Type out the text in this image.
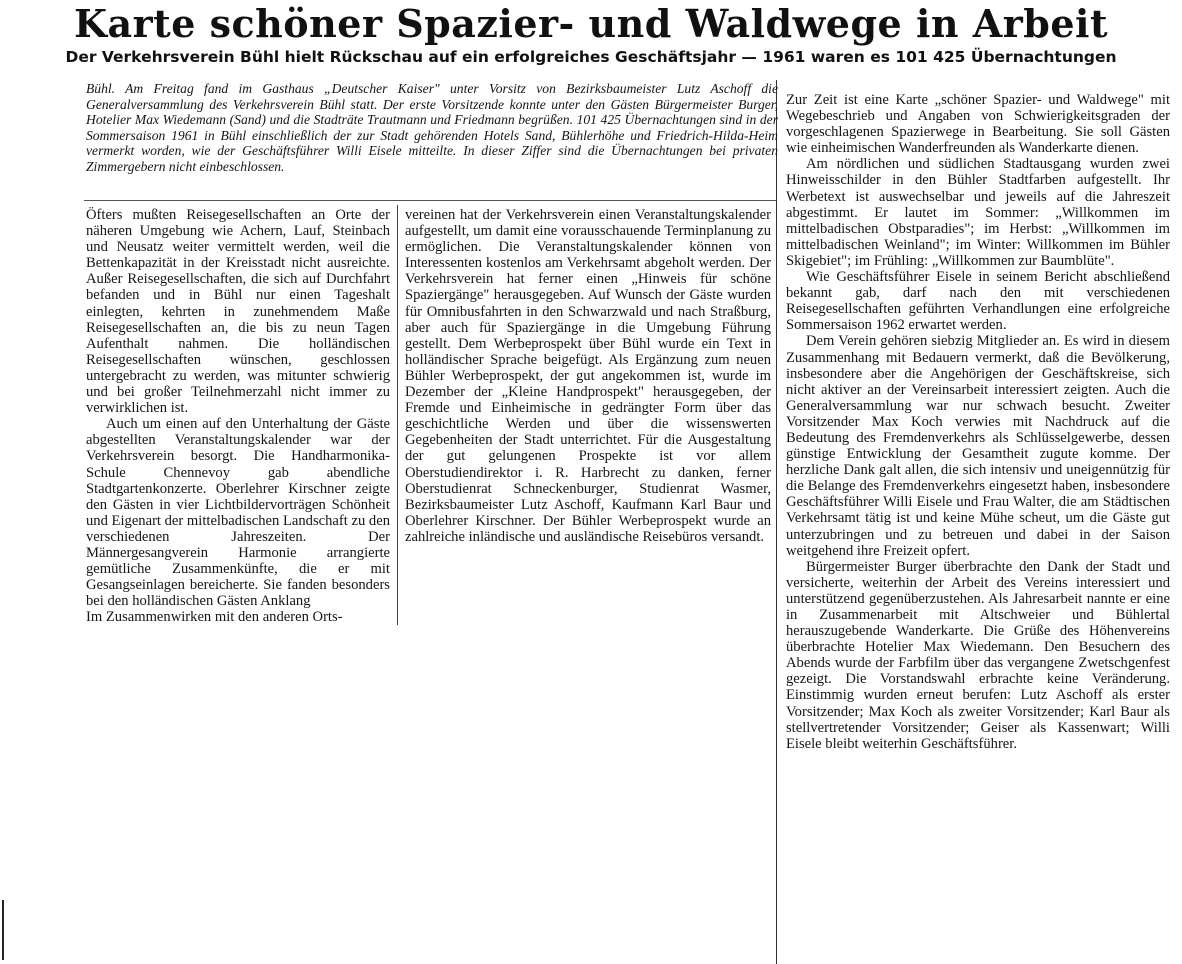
Karte schöner Spazier- und Waldwege in Arbeit
Der Verkehrsverein Bühl hielt Rückschau auf ein erfolgreiches Geschäftsjahr — 1961 waren es 101 425 Übernachtungen

Bühl. Am Freitag fand im Gasthaus „Deutscher Kaiser" unter Vorsitz von Bezirksbaumeister Lutz Aschoff die Generalversammlung des Verkehrsverein Bühl statt. Der erste Vorsitzende konnte unter den Gästen Bürgermeister Burger, Hotelier Max Wiedemann (Sand) und die Stadträte Trautmann und Friedmann begrüßen. 101 425 Übernachtungen sind in der Sommersaison 1961 in Bühl einschließlich der zur Stadt gehörenden Hotels Sand, Bühlerhöhe und Friedrich-Hilda-Heim vermerkt worden, wie der Geschäftsführer Willi Eisele mitteilte. In dieser Ziffer sind die Übernachtungen bei privaten Zimmergebern nicht einbeschlossen.

Öfters mußten Reisegesellschaften an Orte der näheren Umgebung wie Achern, Lauf, Steinbach und Neusatz weiter vermittelt werden, weil die Bettenkapazität in der Kreisstadt nicht ausreichte. Außer Reisegesellschaften, die sich auf Durchfahrt befanden und in Bühl nur einen Tageshalt einlegten, kehrten in zunehmendem Maße Reisegesellschaften an, die bis zu neun Tagen Aufenthalt nahmen. Die holländischen Reisegesellschaften wünschen, geschlossen untergebracht zu werden, was mitunter schwierig und bei großer Teilnehmerzahl nicht immer zu verwirklichen ist.

Auch um einen auf den Unterhaltung der Gäste abgestellten Veranstaltungskalender war der Verkehrsverein besorgt. Die Handharmonika-Schule Chennevoy gab abendliche Stadtgartenkonzerte. Oberlehrer Kirschner zeigte den Gästen in vier Lichtbildervorträgen Schönheit und Eigenart der mittelbadischen Landschaft zu den verschiedenen Jahreszeiten. Der Männergesangverein Harmonie arrangierte gemütliche Zusammenkünfte, die er mit Gesangseinlagen bereicherte. Sie fanden besonders bei den holländischen Gästen Anklang

Im Zusammenwirken mit den anderen Orts-

vereinen hat der Verkehrsverein einen Veranstaltungskalender aufgestellt, um damit eine vorausschauende Terminplanung zu ermöglichen. Die Veranstaltungskalender können von Interessenten kostenlos am Verkehrsamt abgeholt werden. Der Verkehrsverein hat ferner einen „Hinweis für schöne Spaziergänge" herausgegeben. Auf Wunsch der Gäste wurden für Omnibusfahrten in den Schwarzwald und nach Straßburg, aber auch für Spaziergänge in die Umgebung Führung gestellt. Dem Werbeprospekt über Bühl wurde ein Text in holländischer Sprache beigefügt. Als Ergänzung zum neuen Bühler Werbeprospekt, der gut angekommen ist, wurde im Dezember der „Kleine Handprospekt" herausgegeben, der Fremde und Einheimische in gedrängter Form über das geschichtliche Werden und über die wissenswerten Gegebenheiten der Stadt unterrichtet. Für die Ausgestaltung der gut gelungenen Prospekte ist vor allem Oberstudiendirektor i. R. Harbrecht zu danken, ferner Oberstudienrat Schneckenburger, Studienrat Wasmer, Bezirksbaumeister Lutz Aschoff, Kaufmann Karl Baur und Oberlehrer Kirschner. Der Bühler Werbeprospekt wurde an zahlreiche inländische und ausländische Reisebüros versandt.

Zur Zeit ist eine Karte „schöner Spazier- und Waldwege" mit Wegebeschrieb und Angaben von Schwierigkeitsgraden der vorgeschlagenen Spazierwege in Bearbeitung. Sie soll Gästen wie einheimischen Wanderfreunden als Wanderkarte dienen.

Am nördlichen und südlichen Stadtausgang wurden zwei Hinweisschilder in den Bühler Stadtfarben aufgestellt. Ihr Werbetext ist auswechselbar und jeweils auf die Jahreszeit abgestimmt. Er lautet im Sommer: „Willkommen im mittelbadischen Obstparadies"; im Herbst: „Willkommen im mittelbadischen Weinland"; im Winter: Willkommen im Bühler Skigebiet"; im Frühling: „Willkommen zur Baumblüte".

Wie Geschäftsführer Eisele in seinem Bericht abschließend bekannt gab, darf nach den mit verschiedenen Reisegesellschaften geführten Verhandlungen eine erfolgreiche Sommersaison 1962 erwartet werden.

Dem Verein gehören siebzig Mitglieder an. Es wird in diesem Zusammenhang mit Bedauern vermerkt, daß die Bevölkerung, insbesondere aber die Angehörigen der Geschäftskreise, sich nicht aktiver an der Vereinsarbeit interessiert zeigten. Auch die Generalversammlung war nur schwach besucht. Zweiter Vorsitzender Max Koch verwies mit Nachdruck auf die Bedeutung des Fremdenverkehrs als Schlüsselgewerbe, dessen günstige Entwicklung der Gesamtheit zugute komme. Der herzliche Dank galt allen, die sich intensiv und uneigennützig für die Belange des Fremdenverkehrs eingesetzt haben, insbesondere Geschäftsführer Willi Eisele und Frau Walter, die am Städtischen Verkehrsamt tätig ist und keine Mühe scheut, um die Gäste gut unterzubringen und zu betreuen und dabei in der Saison weitgehend ihre Freizeit opfert.

Bürgermeister Burger überbrachte den Dank der Stadt und versicherte, weiterhin der Arbeit des Vereins interessiert und unterstützend gegenüberzustehen. Als Jahresarbeit nannte er eine in Zusammenarbeit mit Altschweier und Bühlertal herauszugebende Wanderkarte. Die Grüße des Höhenvereins überbrachte Hotelier Max Wiedemann. Den Besuchern des Abends wurde der Farbfilm über das vergangene Zwetschgenfest gezeigt. Die Vorstandswahl erbrachte keine Veränderung. Einstimmig wurden erneut berufen: Lutz Aschoff als erster Vorsitzender; Max Koch als zweiter Vorsitzender; Karl Baur als stellvertretender Vorsitzender; Geiser als Kassenwart; Willi Eisele bleibt weiterhin Geschäftsführer.
